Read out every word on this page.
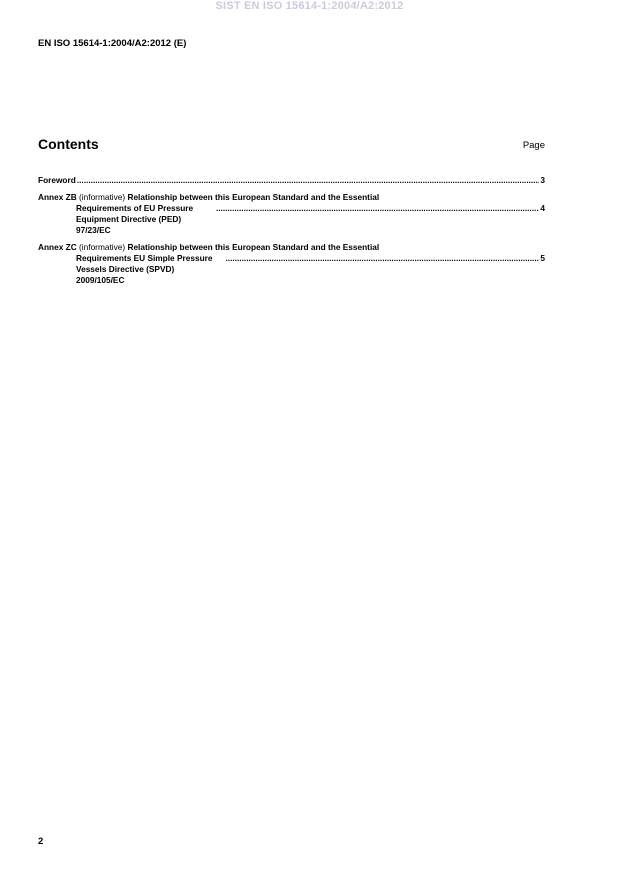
SIST EN ISO 15614-1:2004/A2:2012
EN ISO 15614-1:2004/A2:2012 (E)
Contents	Page
Foreword
.....	3
Annex ZB (informative) Relationship between this European Standard and the Essential
Requirements of EU Pressure Equipment Directive (PED) 97/23/EC
.....
4
Annex ZC (informative) Relationship between this European Standard and the Essential
Requirements EU Simple Pressure Vessels Directive (SPVD) 2009/105/EC
.....
5
2
